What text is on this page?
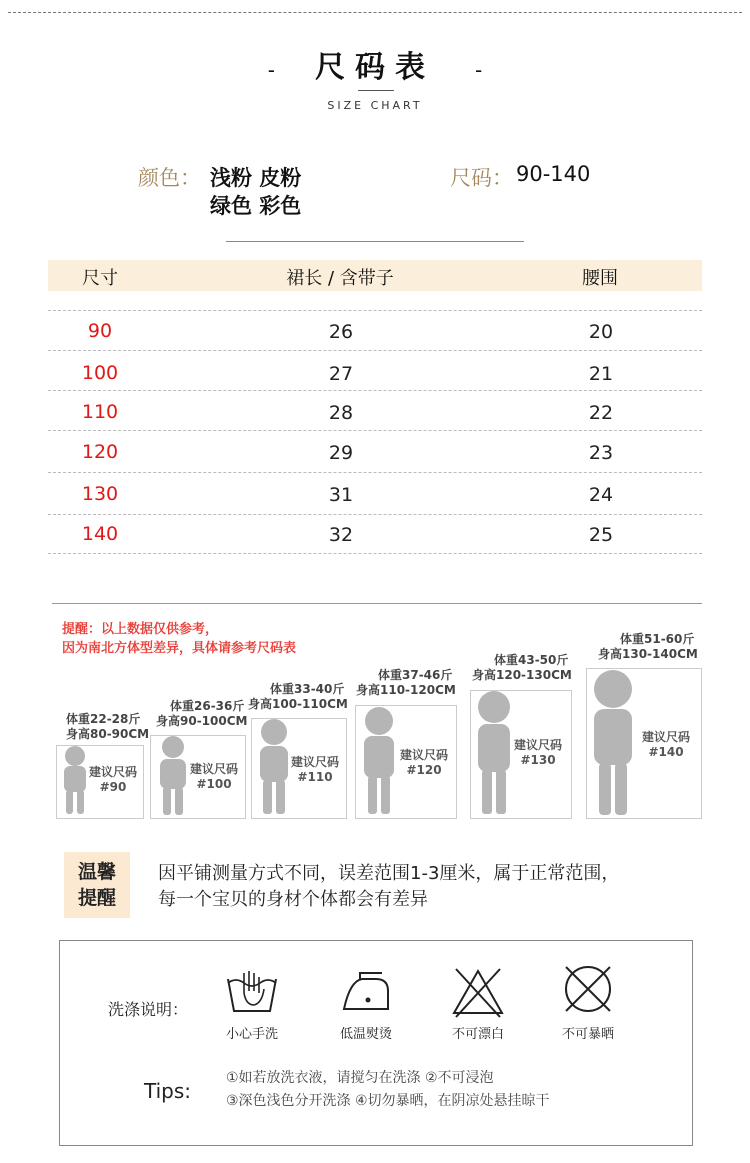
- 尺码表 -
SIZE CHART
颜色： 浅粉 皮粉
绿色 彩色
尺码： 90-140
尺寸	裙长 / 含带子	腰围
90	26	20
100	27	21
110	28	22
120	29	23
130	31	24
140	32	25
提醒：以上数据仅供参考，
因为南北方体型差异，具体请参考尺码表
体重22-28斤
身高80-90CM
建议尺码
#90
体重26-36斤
身高90-100CM
建议尺码
#100
体重33-40斤
身高100-110CM
建议尺码
#110
体重37-46斤
身高110-120CM
建议尺码
#120
体重43-50斤
身高120-130CM
建议尺码
#130
体重51-60斤
身高130-140CM
建议尺码
#140
温馨
提醒
因平铺测量方式不同，误差范围1-3厘米，属于正常范围，
每一个宝贝的身材个体都会有差异
洗涤说明：
小心手洗	低温熨烫	不可漂白	不可暴晒
Tips:
①如若放洗衣液，请搅匀在洗涤 ②不可浸泡
③深色浅色分开洗涤 ④切勿暴晒，在阴凉处悬挂晾干
